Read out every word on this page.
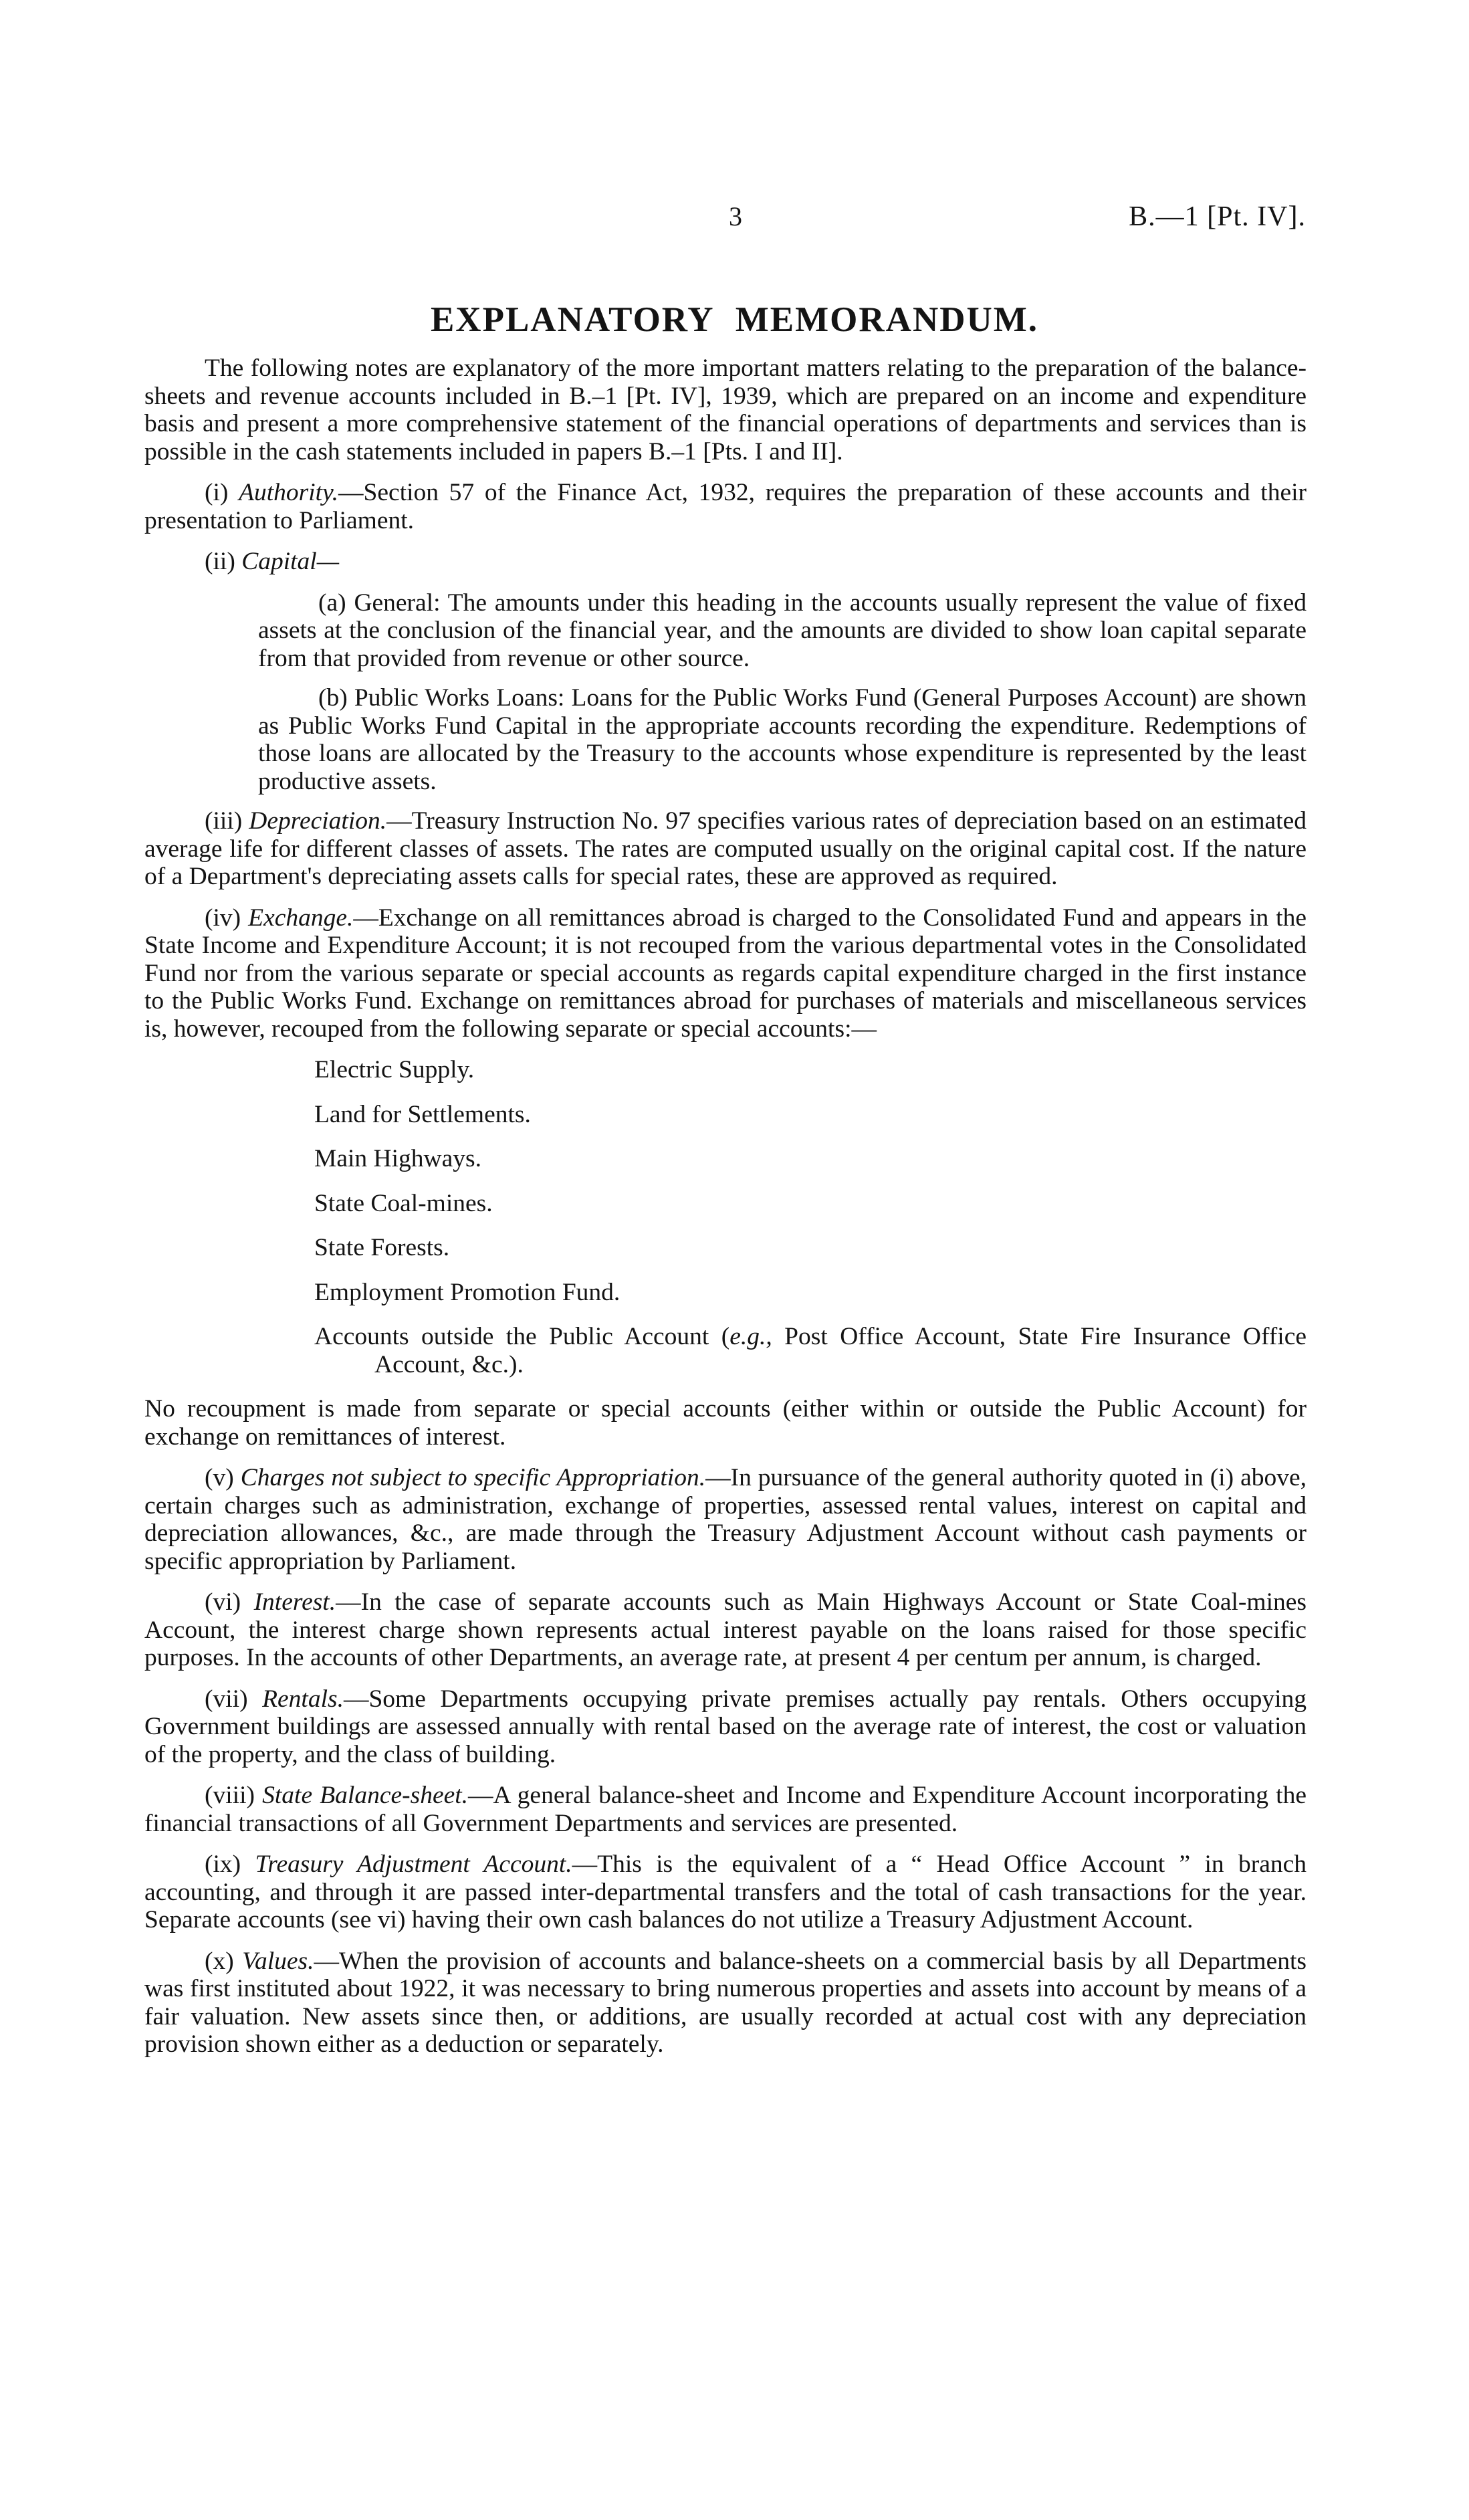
3	B.—1 [Pt. IV].
EXPLANATORY MEMORANDUM.

The following notes are explanatory of the more important matters relating to the preparation of the balance-sheets and revenue accounts included in B.–1 [Pt. IV], 1939, which are prepared on an income and expenditure basis and present a more comprehensive statement of the financial operations of departments and services than is possible in the cash statements included in papers B.–1 [Pts. I and II].

(i) Authority.—Section 57 of the Finance Act, 1932, requires the preparation of these accounts and their presentation to Parliament.

(ii) Capital—

(a) General: The amounts under this heading in the accounts usually represent the value of fixed assets at the conclusion of the financial year, and the amounts are divided to show loan capital separate from that provided from revenue or other source.

(b) Public Works Loans: Loans for the Public Works Fund (General Purposes Account) are shown as Public Works Fund Capital in the appropriate accounts recording the expenditure. Redemptions of those loans are allocated by the Treasury to the accounts whose expenditure is represented by the least productive assets.

(iii) Depreciation.—Treasury Instruction No. 97 specifies various rates of depreciation based on an estimated average life for different classes of assets. The rates are computed usually on the original capital cost. If the nature of a Department's depreciating assets calls for special rates, these are approved as required.

(iv) Exchange.—Exchange on all remittances abroad is charged to the Consolidated Fund and appears in the State Income and Expenditure Account; it is not recouped from the various departmental votes in the Consolidated Fund nor from the various separate or special accounts as regards capital expenditure charged in the first instance to the Public Works Fund. Exchange on remittances abroad for purchases of materials and miscellaneous services is, however, recouped from the following separate or special accounts:—

Electric Supply.
Land for Settlements.
Main Highways.
State Coal-mines.
State Forests.
Employment Promotion Fund.
Accounts outside the Public Account (e.g., Post Office Account, State Fire Insurance Office Account, &c.).

No recoupment is made from separate or special accounts (either within or outside the Public Account) for exchange on remittances of interest.

(v) Charges not subject to specific Appropriation.—In pursuance of the general authority quoted in (i) above, certain charges such as administration, exchange of properties, assessed rental values, interest on capital and depreciation allowances, &c., are made through the Treasury Adjustment Account without cash payments or specific appropriation by Parliament.

(vi) Interest.—In the case of separate accounts such as Main Highways Account or State Coal-mines Account, the interest charge shown represents actual interest payable on the loans raised for those specific purposes. In the accounts of other Departments, an average rate, at present 4 per centum per annum, is charged.

(vii) Rentals.—Some Departments occupying private premises actually pay rentals. Others occupying Government buildings are assessed annually with rental based on the average rate of interest, the cost or valuation of the property, and the class of building.

(viii) State Balance-sheet.—A general balance-sheet and Income and Expenditure Account incorporating the financial transactions of all Government Departments and services are presented.

(ix) Treasury Adjustment Account.—This is the equivalent of a “ Head Office Account ” in branch accounting, and through it are passed inter-departmental transfers and the total of cash transactions for the year. Separate accounts (see vi) having their own cash balances do not utilize a Treasury Adjustment Account.

(x) Values.—When the provision of accounts and balance-sheets on a commercial basis by all Departments was first instituted about 1922, it was necessary to bring numerous properties and assets into account by means of a fair valuation. New assets since then, or additions, are usually recorded at actual cost with any depreciation provision shown either as a deduction or separately.
